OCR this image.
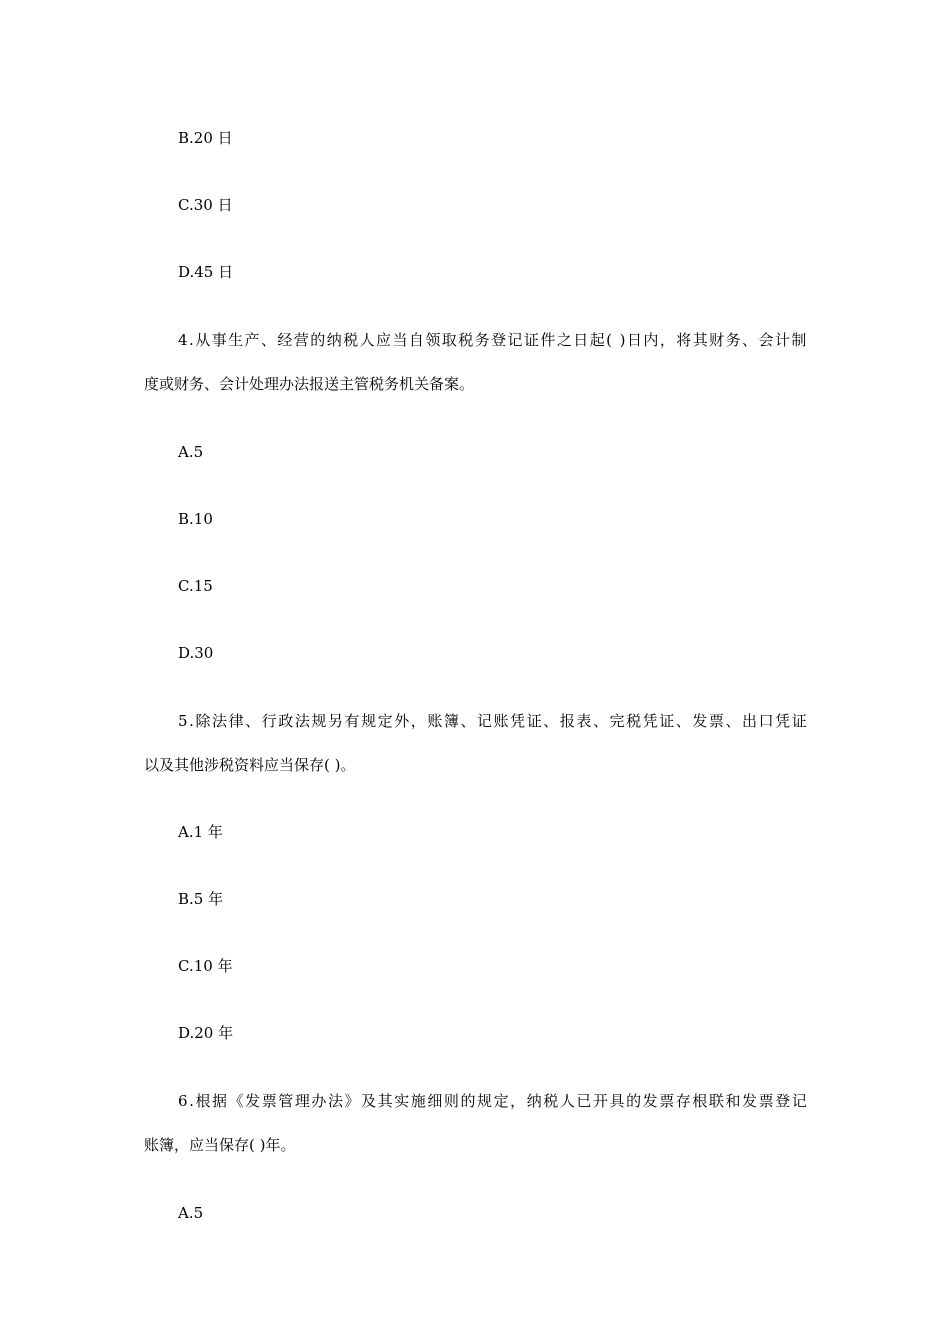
B.20 日
C.30 日
D.45 日
4.从事生产、经营的纳税人应当自领取税务登记证件之日起( )日内，将其财务、会计制
度或财务、会计处理办法报送主管税务机关备案。
A.5
B.10
C.15
D.30
5.除法律、行政法规另有规定外，账簿、记账凭证、报表、完税凭证、发票、出口凭证
以及其他涉税资料应当保存( )。
A.1 年
B.5 年
C.10 年
D.20 年
6.根据《发票管理办法》及其实施细则的规定，纳税人已开具的发票存根联和发票登记
账簿，应当保存( )年。
A.5
